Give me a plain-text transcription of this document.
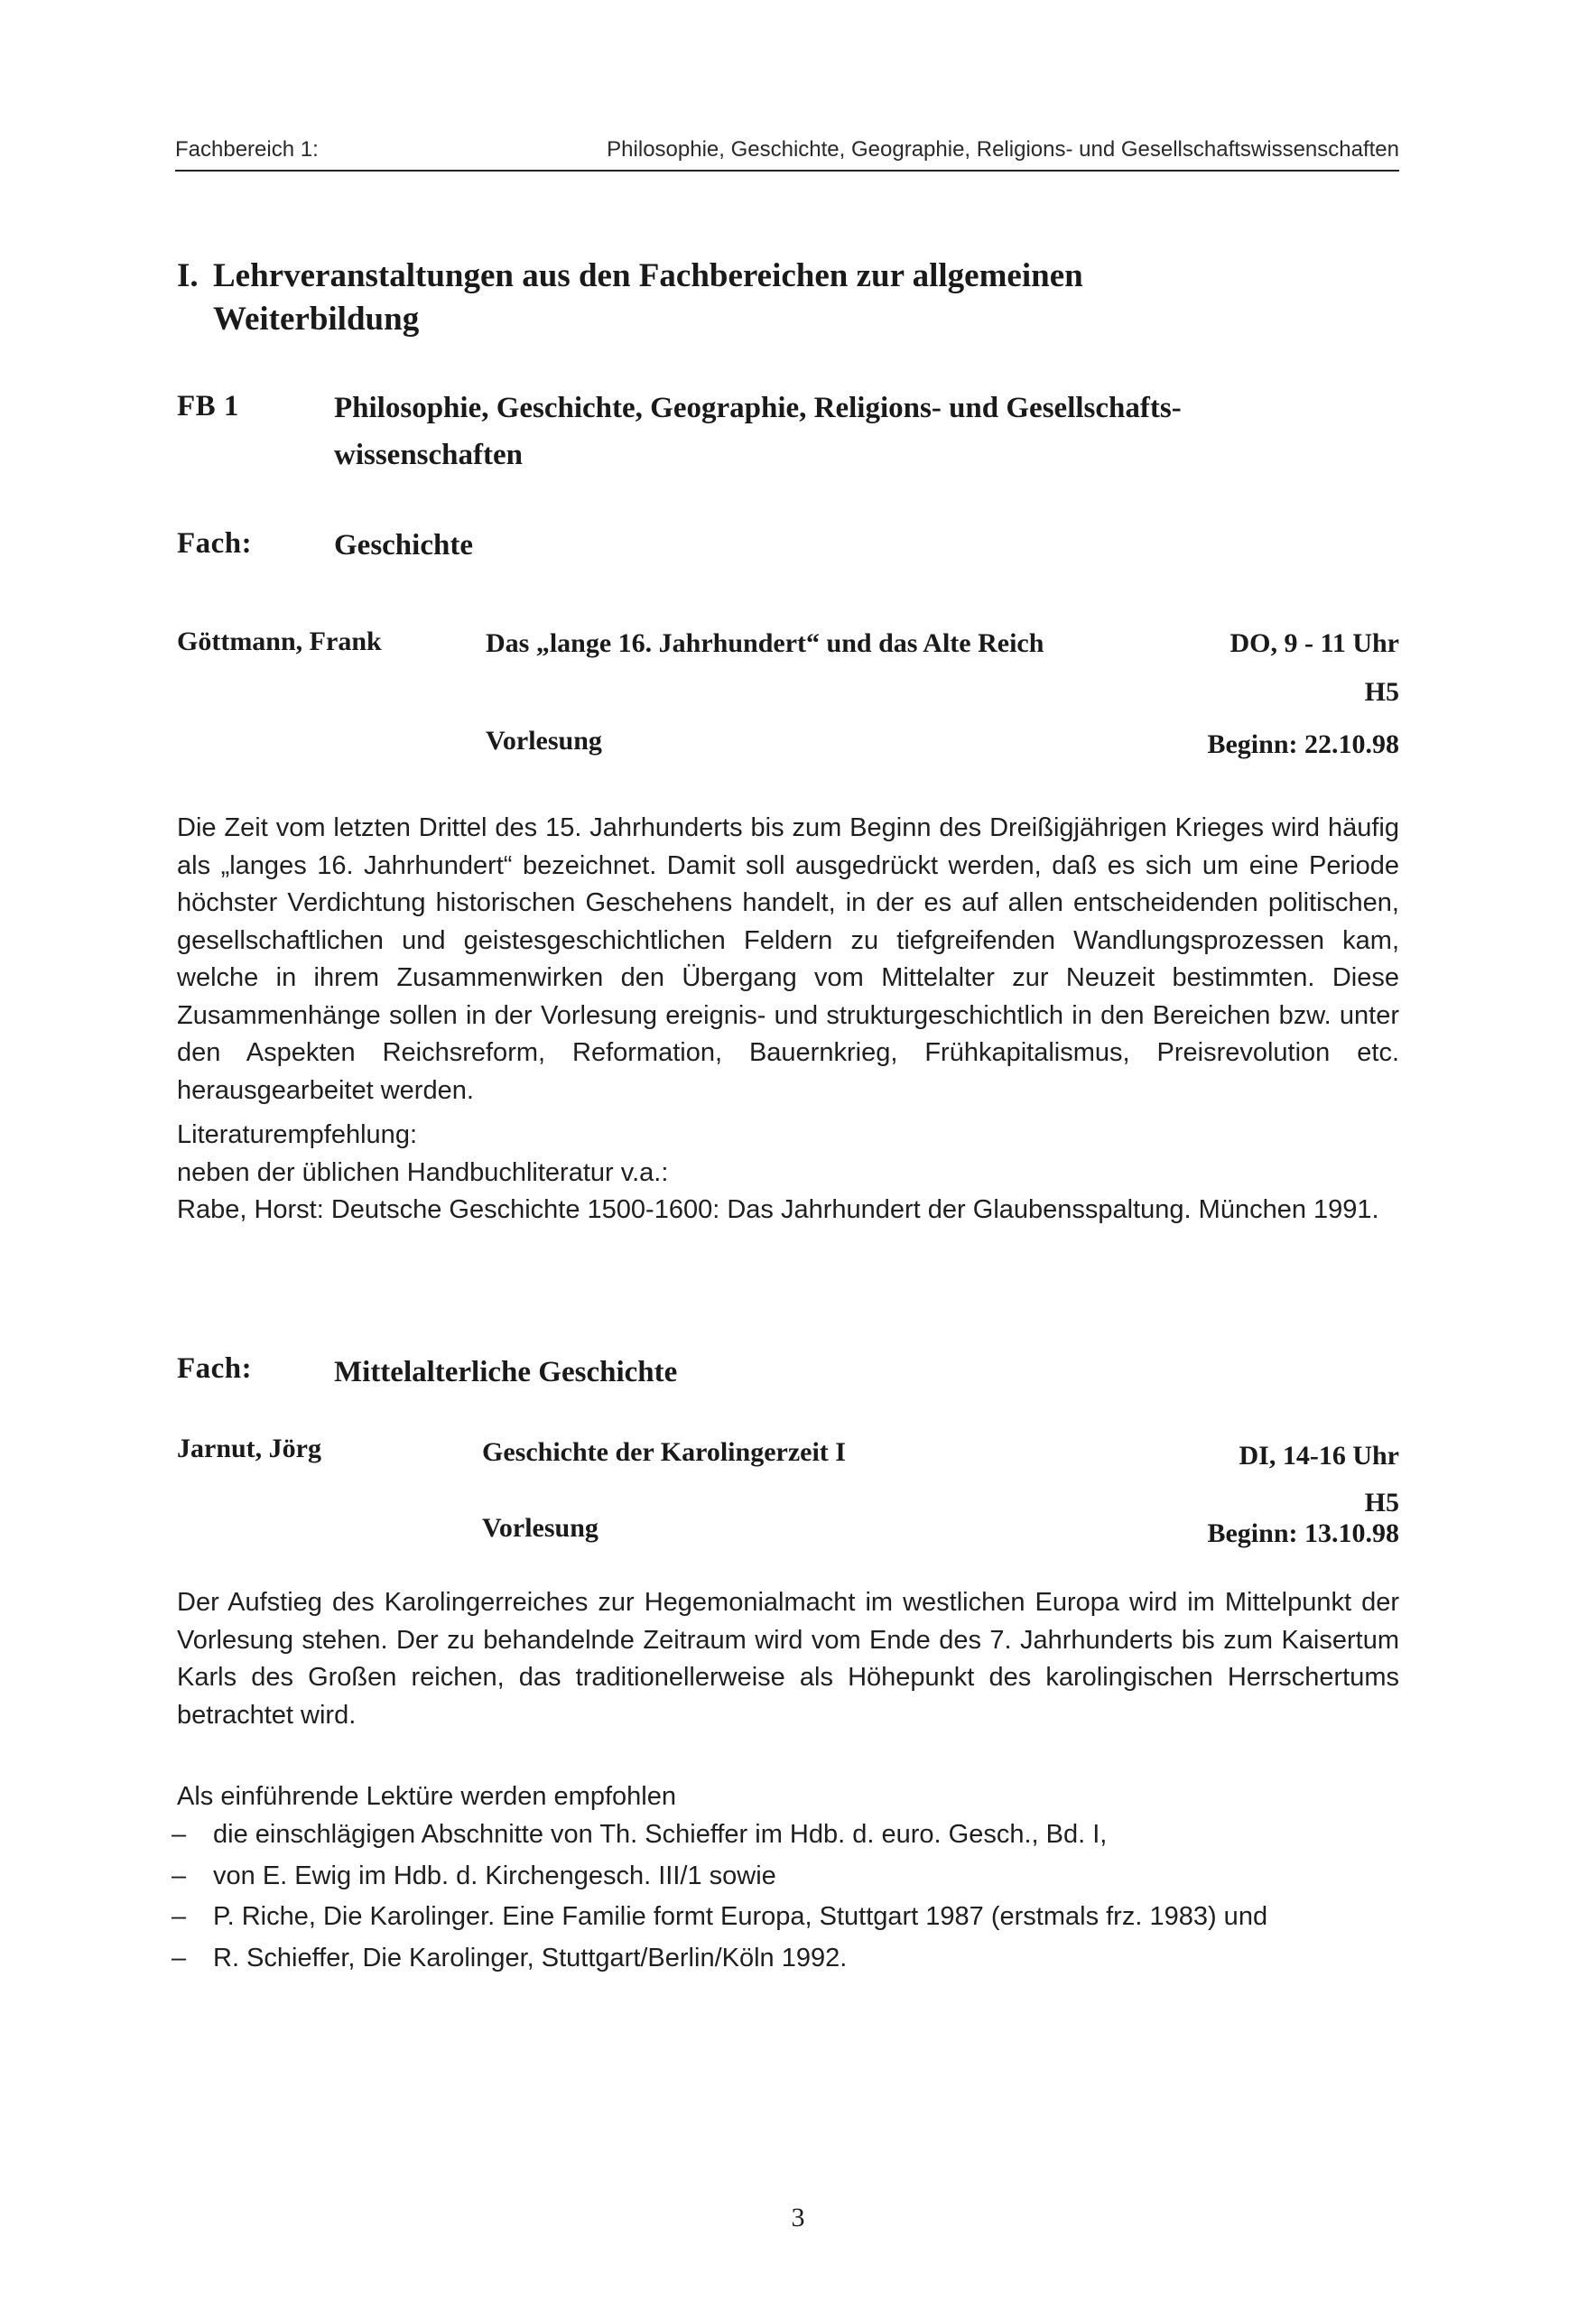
Fachbereich 1:	Philosophie, Geschichte, Geographie, Religions- und Gesellschaftswissenschaften
I. Lehrveranstaltungen aus den Fachbereichen zur allgemeinen
Weiterbildung
FB 1	Philosophie, Geschichte, Geographie, Religions- und Gesellschafts-
wissenschaften
Fach:	Geschichte
Göttmann, Frank	Das „lange 16. Jahrhundert“ und das Alte Reich	DO, 9 - 11 Uhr
H5
Vorlesung	Beginn: 22.10.98

Die Zeit vom letzten Drittel des 15. Jahrhunderts bis zum Beginn des Dreißigjährigen Krieges wird häufig als „langes 16. Jahrhundert“ bezeichnet. Damit soll ausgedrückt werden, daß es sich um eine Periode höchster Verdichtung historischen Geschehens handelt, in der es auf allen entscheidenden politischen, gesellschaftlichen und geistesgeschichtlichen Feldern zu tiefgreifenden Wandlungsprozessen kam, welche in ihrem Zusammenwirken den Übergang vom Mittelalter zur Neuzeit bestimmten. Diese Zusammenhänge sollen in der Vorlesung ereignis- und strukturgeschichtlich in den Bereichen bzw. unter den Aspekten Reichsreform, Reformation, Bauernkrieg, Frühkapitalismus, Preisrevolution etc. herausgearbeitet werden.

Literaturempfehlung:

neben der üblichen Handbuchliteratur v.a.:

Rabe, Horst: Deutsche Geschichte 1500-1600: Das Jahrhundert der Glaubensspaltung. München 1991.

Fach:	Mittelalterliche Geschichte
Jarnut, Jörg	Geschichte der Karolingerzeit I	DI, 14-16 Uhr
H5
Vorlesung	Beginn: 13.10.98

Der Aufstieg des Karolingerreiches zur Hegemonialmacht im westlichen Europa wird im Mittelpunkt der Vorlesung stehen. Der zu behandelnde Zeitraum wird vom Ende des 7. Jahrhunderts bis zum Kaisertum Karls des Großen reichen, das traditionellerweise als Höhepunkt des karolingischen Herrschertums betrachtet wird.

Als einführende Lektüre werden empfohlen

– die einschlägigen Abschnitte von Th. Schieffer im Hdb. d. euro. Gesch., Bd. I,
– von E. Ewig im Hdb. d. Kirchengesch. III/1 sowie
– P. Riche, Die Karolinger. Eine Familie formt Europa, Stuttgart 1987 (erstmals frz. 1983) und
– R. Schieffer, Die Karolinger, Stuttgart/Berlin/Köln 1992.
3
